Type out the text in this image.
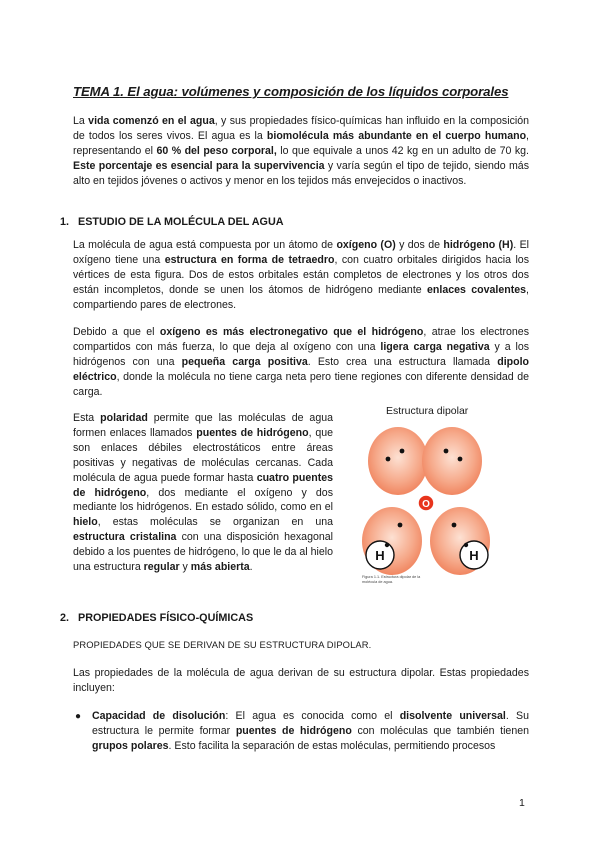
TEMA 1. El agua: volúmenes y composición de los líquidos corporales
La vida comenzó en el agua, y sus propiedades físico-químicas han influido en la composición de todos los seres vivos. El agua es la biomolécula más abundante en el cuerpo humano, representando el 60 % del peso corporal, lo que equivale a unos 42 kg en un adulto de 70 kg. Este porcentaje es esencial para la supervivencia y varía según el tipo de tejido, siendo más alto en tejidos jóvenes o activos y menor en los tejidos más envejecidos o inactivos.
1. ESTUDIO DE LA MOLÉCULA DEL AGUA
La molécula de agua está compuesta por un átomo de oxígeno (O) y dos de hidrógeno (H). El oxígeno tiene una estructura en forma de tetraedro, con cuatro orbitales dirigidos hacia los vértices de esta figura. Dos de estos orbitales están completos de electrones y los otros dos están incompletos, donde se unen los átomos de hidrógeno mediante enlaces covalentes, compartiendo pares de electrones.
Debido a que el oxígeno es más electronegativo que el hidrógeno, atrae los electrones compartidos con más fuerza, lo que deja al oxígeno con una ligera carga negativa y a los hidrógenos con una pequeña carga positiva. Esto crea una estructura llamada dipolo eléctrico, donde la molécula no tiene carga neta pero tiene regiones con diferente densidad de carga.
Esta polaridad permite que las moléculas de agua formen enlaces llamados puentes de hidrógeno, que son enlaces débiles electrostáticos entre áreas positivas y negativas de moléculas cercanas. Cada molécula de agua puede formar hasta cuatro puentes de hidrógeno, dos mediante el oxígeno y dos mediante los hidrógenos. En estado sólido, como en el hielo, estas moléculas se organizan en una estructura cristalina con una disposición hexagonal debido a los puentes de hidrógeno, lo que le da al hielo una estructura regular y más abierta.
Estructura dipolar
H	H
O
Figura 1.1. Estructura dipolar de la molécula de agua.
2. PROPIEDADES FÍSICO-QUÍMICAS
PROPIEDADES QUE SE DERIVAN DE SU ESTRUCTURA DIPOLAR.
Las propiedades de la molécula de agua derivan de su estructura dipolar. Estas propiedades incluyen:
● Capacidad de disolución: El agua es conocida como el disolvente universal. Su estructura le permite formar puentes de hidrógeno con moléculas que también tienen grupos polares. Esto facilita la separación de estas moléculas, permitiendo procesos
1
